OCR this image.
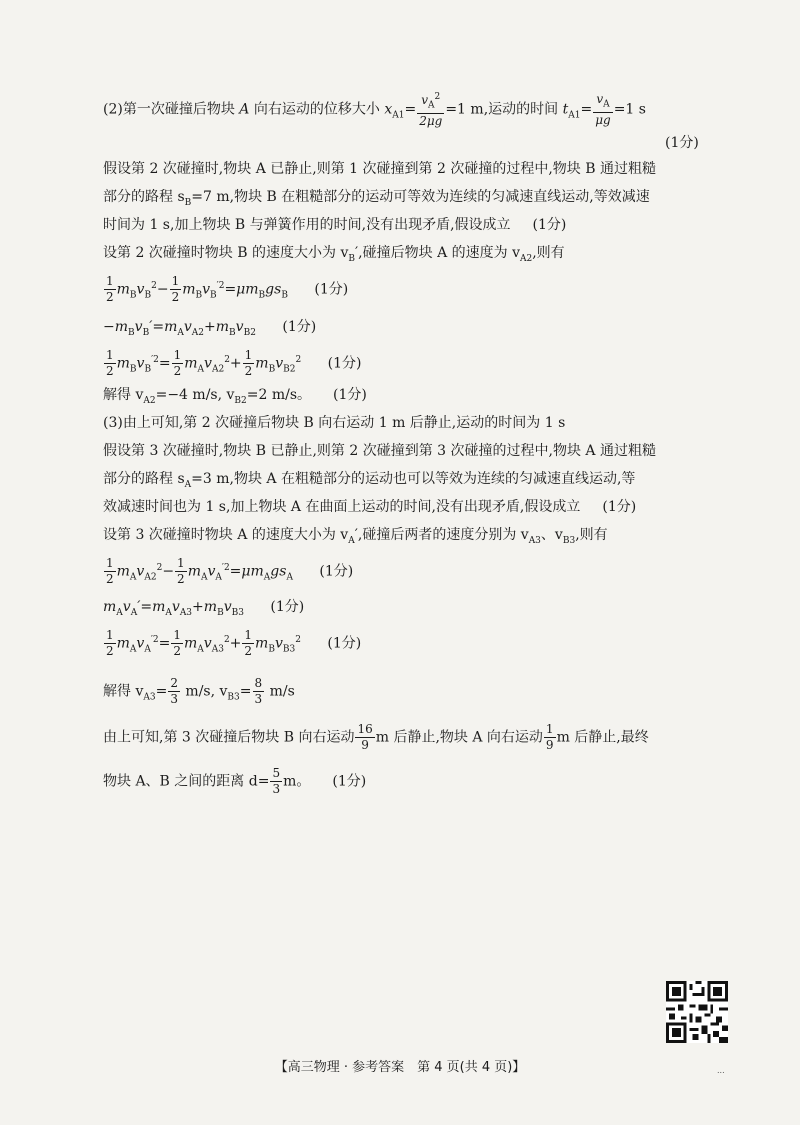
(2)第一次碰撞后物块 A 向右运动的位移大小 $x_{A1}= \frac{v_A^2}{2\mu g} =1$ m,运动的时间 $t_{A1}= \frac{v_A}{\mu g} =1$ s
(1分)
假设第 2 次碰撞时,物块 A 已静止,则第 1 次碰撞到第 2 次碰撞的过程中,物块 B 通过粗糙
部分的路程 $s_B=7$ m,物块 B 在粗糙部分的运动可等效为连续的匀减速直线运动,等效减速
时间为 1 s,加上物块 B 与弹簧作用的时间,没有出现矛盾,假设成立 (1分)
设第 2 次碰撞时物块 B 的速度大小为 $v_B'$,碰撞后物块 A 的速度为 $v_{A2}$,则有
$\frac{1}{2} m_Bv_B^2- \frac{1}{2} m_Bv_B^{'2}=\mu m_Bgs_B$ (1分)
$-m_Bv_B'=m_Av_{A2}+m_Bv_{B2}$ (1分)
$\frac{1}{2} m_Bv_B^{'2}= \frac{1}{2} m_Av_{A2}^2+ \frac{1}{2} m_Bv_{B2}^2$ (1分)
解得 $v_{A2}=-4$ m/s, $v_{B2}=2$ m/s。 (1分)
(3)由上可知,第 2 次碰撞后物块 B 向右运动 1 m 后静止,运动的时间为 1 s
假设第 3 次碰撞时,物块 B 已静止,则第 2 次碰撞到第 3 次碰撞的过程中,物块 A 通过粗糙
部分的路程 $s_A=3$ m,物块 A 在粗糙部分的运动也可以等效为连续的匀减速直线运动,等
效减速时间也为 1 s,加上物块 A 在曲面上运动的时间,没有出现矛盾,假设成立 (1分)
设第 3 次碰撞时物块 A 的速度大小为 $v_A'$,碰撞后两者的速度分别为 $v_{A3}$、$v_{B3}$,则有
$\frac{1}{2} m_Av_{A2}^2- \frac{1}{2} m_Av_A^{'2}=\mu m_Ags_A$ (1分)
$m_Av_A'=m_Av_{A3}+m_Bv_{B3}$ (1分)
$\frac{1}{2} m_Av_A^{'2}= \frac{1}{2} m_Av_{A3}^2+ \frac{1}{2} m_Bv_{B3}^2$ (1分)
解得 $v_{A3}= \frac{2}{3} m/s$, $v_{B3}= \frac{8}{3} m/s$
由上可知,第 3 次碰撞后物块 B 向右运动 $\frac{16}{9}$ m 后静止,物块 A 向右运动 $\frac{1}{9}$ m 后静止,最终
物块 A、B 之间的距离 $d= \frac{5}{3}$ m。 (1分)
【高三物理 · 参考答案　第 4 页(共 4 页)】	...
